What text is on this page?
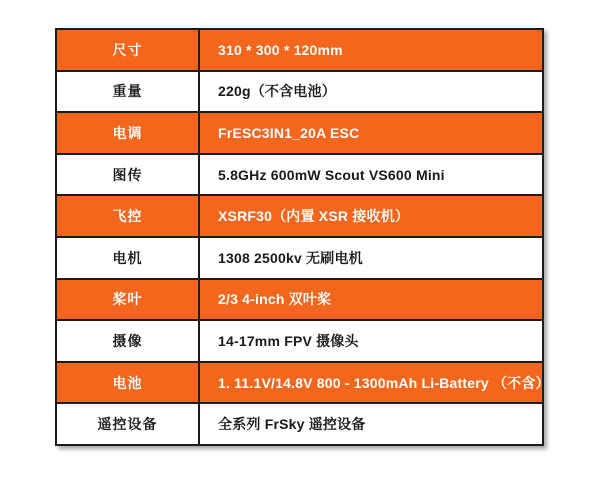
尺寸	310 * 300 * 120mm
重量	220g（不含电池）
电调	FrESC3IN1_20A ESC
图传	5.8GHz 600mW Scout VS600 Mini
飞控	XSRF30（内置 XSR 接收机）
电机	1308 2500kv 无刷电机
桨叶	2/3 4-inch 双叶桨
摄像	14-17mm FPV 摄像头
电池	1. 11.1V/14.8V 800 - 1300mAh Li-Battery （不含）
遥控设备	全系列 FrSky 遥控设备
